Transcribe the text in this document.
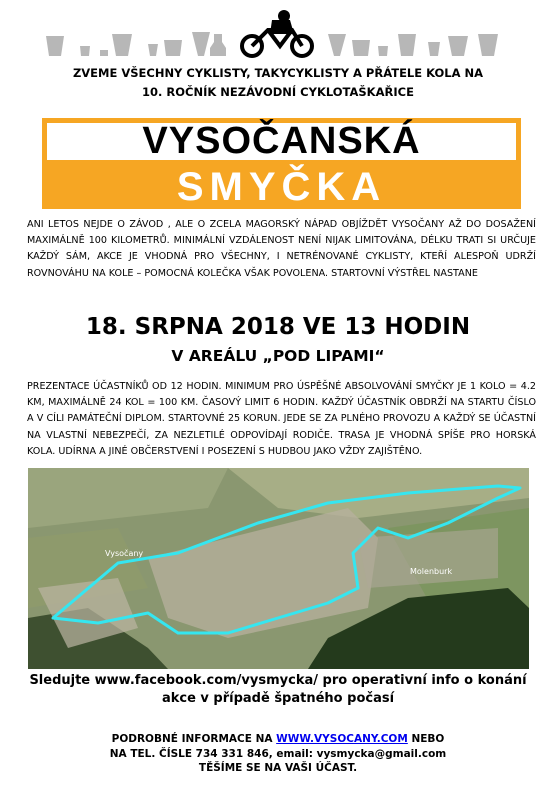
ZVEME VŠECHNY CYKLISTY, TAKYCYKLISTY A PŘÁTELE KOLA NA
10. ROČNÍK NEZÁVODNÍ CYKLOTAŠKAŘICE
VYSOČANSKÁ
SMYČKA
ANI LETOS NEJDE O ZÁVOD , ALE O ZCELA MAGORSKÝ NÁPAD OBJÍŽDĚT VYSOČANY AŽ DO DOSAŽENÍ MAXIMÁLNĚ 100 KILOMETRŮ. MINIMÁLNÍ VZDÁLENOST NENÍ NIJAK LIMITOVÁNA, DÉLKU TRATI SI URČUJE KAŽDÝ SÁM, AKCE JE VHODNÁ PRO VŠECHNY, I NETRÉNOVANÉ CYKLISTY, KTEŘÍ ALESPOŇ UDRŽÍ ROVNOVÁHU NA KOLE – POMOCNÁ KOLEČKA VŠAK POVOLENA. STARTOVNÍ VÝSTŘEL NASTANE
18. SRPNA 2018 VE 13 HODIN
V AREÁLU „POD LIPAMI“
PREZENTACE ÚČASTNÍKŮ OD 12 HODIN. MINIMUM PRO ÚSPĚŠNÉ ABSOLVOVÁNÍ SMYČKY JE 1 KOLO = 4.2 KM, MAXIMÁLNĚ 24 KOL = 100 KM. ČASOVÝ LIMIT 6 HODIN. KAŽDÝ ÚČASTNÍK OBDRŽÍ NA STARTU ČÍSLO A V CÍLI PAMÁTEČNÍ DIPLOM. STARTOVNÉ 25 KORUN. JEDE SE ZA PLNÉHO PROVOZU A KAŽDÝ SE ÚČASTNÍ NA VLASTNÍ NEBEZPEČÍ, ZA NEZLETILÉ ODPOVÍDAJÍ RODIČE. TRASA JE VHODNÁ SPÍŠE PRO HORSKÁ KOLA. UDÍRNA A JINÉ OBČERSTVENÍ I POSEZENÍ S HUDBOU JAKO VŽDY ZAJIŠTĚNO.
Vysočany
Molenburk
Sledujte www.facebook.com/vysmycka/ pro operativní info o konání
akce v případě špatného počasí
PODROBNÉ INFORMACE NA WWW.VYSOCANY.COM NEBO
NA TEL. ČÍSLE 734 331 846, email: vysmycka@gmail.com
TĚŠÍME SE NA VAŠI ÚČAST.
